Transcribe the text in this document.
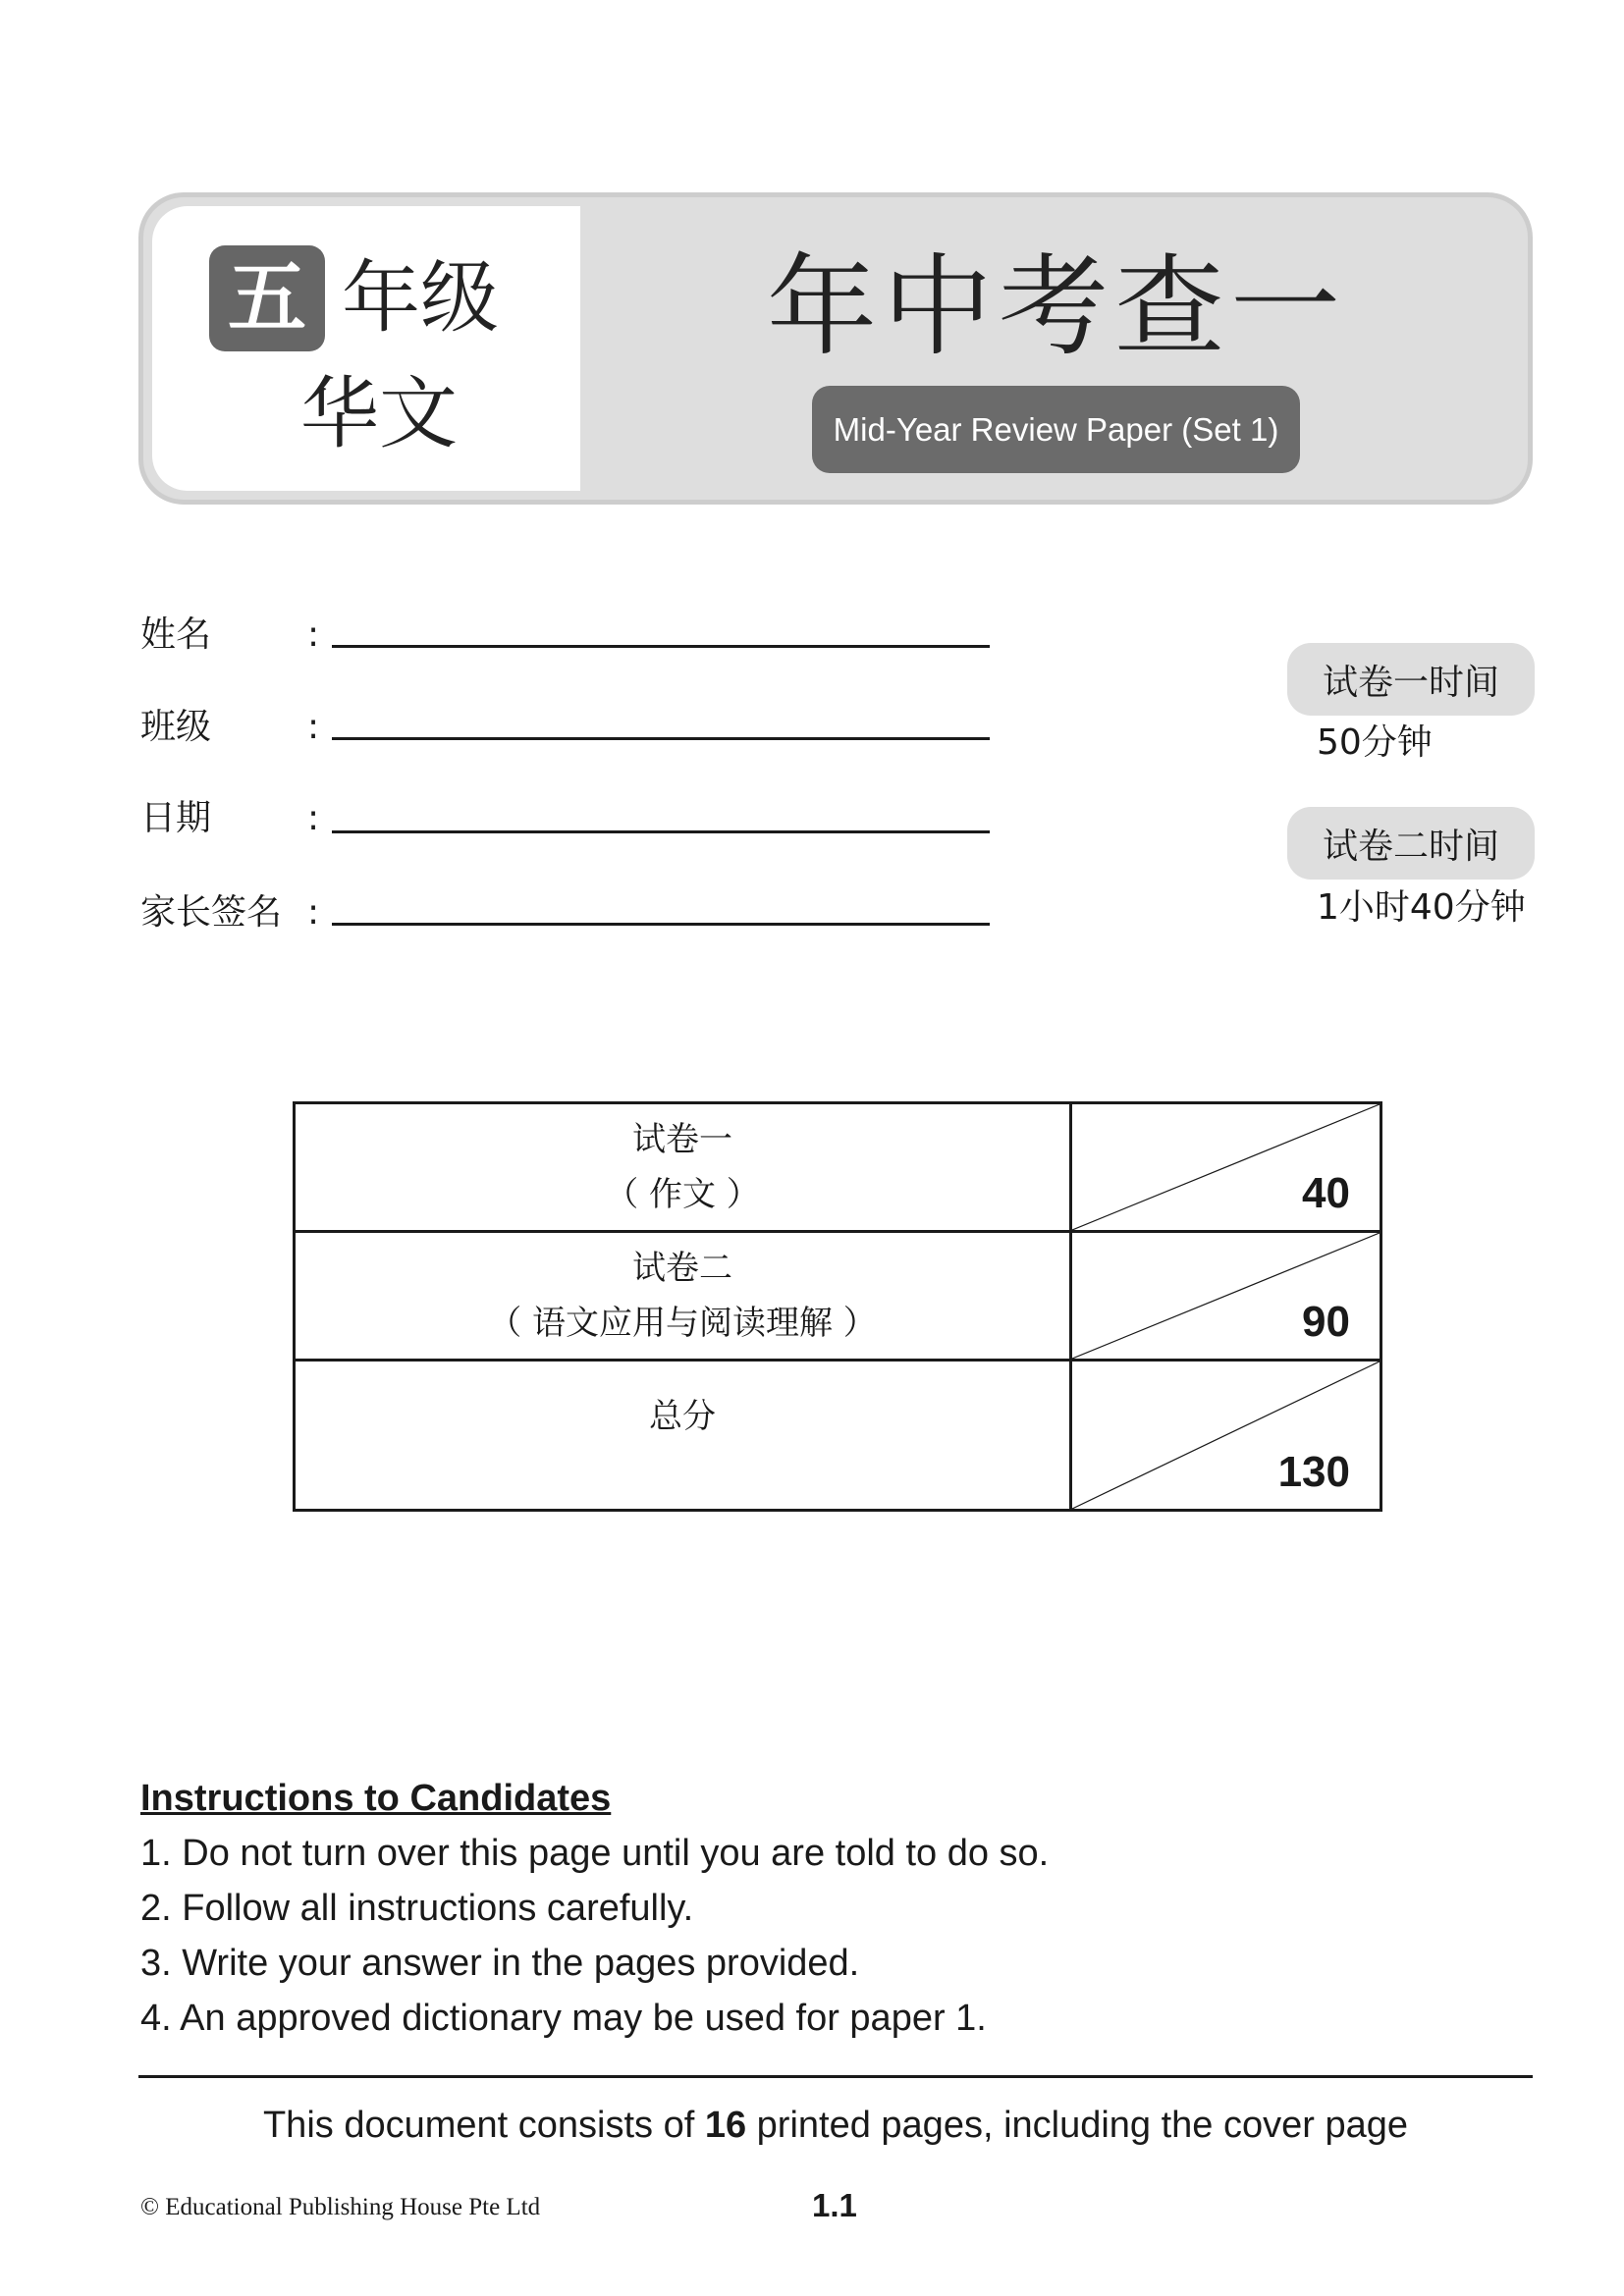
五 年级
华文
年中考查一
Mid-Year Review Paper (Set 1)
姓名	:
班级	:
日期	:
家长签名 :
试卷一时间
50分钟
试卷二时间
1小时40分钟
试卷一
（ 作文 ）	40

试卷二
（ 语文应用与阅读理解 ）	90

总分	130
Instructions to Candidates
1. Do not turn over this page until you are told to do so.
2. Follow all instructions carefully.
3. Write your answer in the pages provided.
4. An approved dictionary may be used for paper 1.
This document consists of 16 printed pages, including the cover page
© Educational Publishing House Pte Ltd	1.1
